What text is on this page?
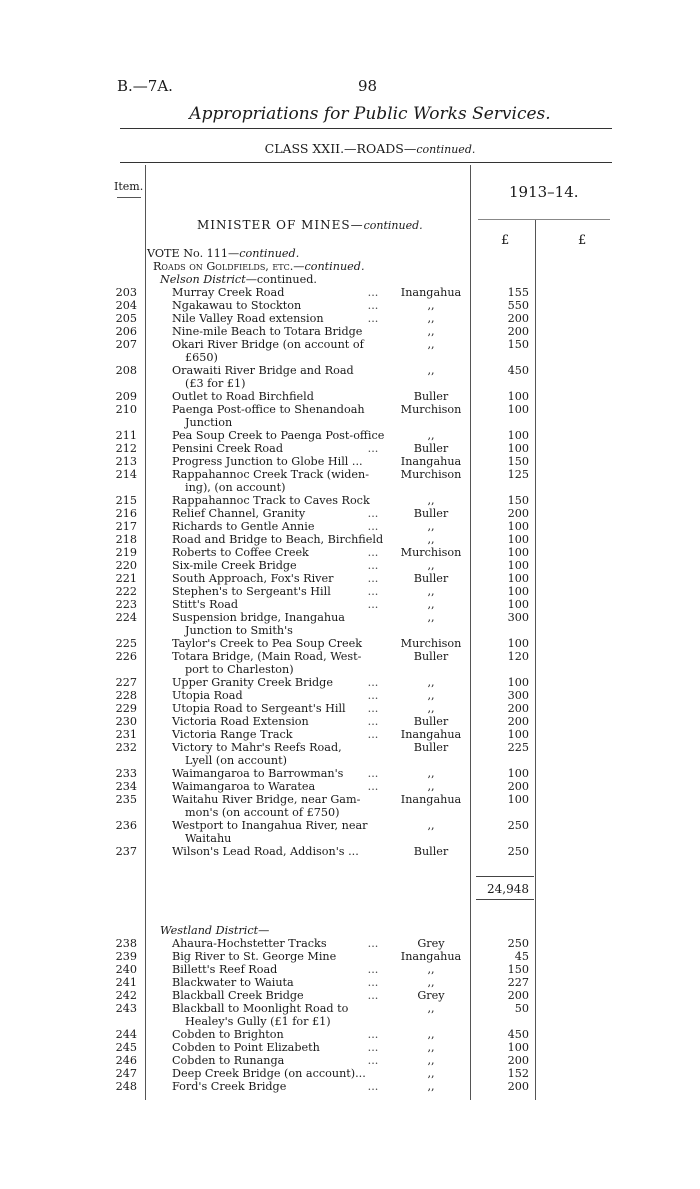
B.—7A.	98
Appropriations for Public Works Services.
CLASS XXII.—ROADS—continued.
Item.	1913–14.
£	£
MINISTER OF MINES—continued.
VOTE No. 111—continued.
Roads on Goldfields, etc.—continued.
Nelson District—continued.
203	Murray Creek Road	...	Inangahua	155
204	Ngakawau to Stockton	...	,,	550
205	Nile Valley Road extension	...	,,	200
206	Nine-mile Beach to Totara Bridge	,,	200
207	Okari River Bridge (on account of	,,	150
£650)
208	Orawaiti River Bridge and Road	,,	450
(£3 for £1)
209	Outlet to Road Birchfield	Buller	100
210	Paenga Post-office to Shenandoah	Murchison	100
Junction
211	Pea Soup Creek to Paenga Post-office	,,	100
212	Pensini Creek Road	...	Buller	100
213	Progress Junction to Globe Hill ...	Inangahua	150
214	Rappahannoc Creek Track (widen-	Murchison	125
ing), (on account)
215	Rappahannoc Track to Caves Rock	,,	150
216	Relief Channel, Granity	...	Buller	200
217	Richards to Gentle Annie	...	,,	100
218	Road and Bridge to Beach, Birchfield	,,	100
219	Roberts to Coffee Creek	...	Murchison	100
220	Six-mile Creek Bridge	...	,,	100
221	South Approach, Fox's River	...	Buller	100
222	Stephen's to Sergeant's Hill	...	,,	100
223	Stitt's Road	...	,,	100
224	Suspension bridge, Inangahua	,,	300
Junction to Smith's
225	Taylor's Creek to Pea Soup Creek	Murchison	100
226	Totara Bridge, (Main Road, West-	Buller	120
port to Charleston)
227	Upper Granity Creek Bridge	...	,,	100
228	Utopia Road	...	,,	300
229	Utopia Road to Sergeant's Hill	...	,,	200
230	Victoria Road Extension	...	Buller	200
231	Victoria Range Track	...	Inangahua	100
232	Victory to Mahr's Reefs Road,	Buller	225
Lyell (on account)
233	Waimangaroa to Barrowman's	...	,,	100
234	Waimangaroa to Waratea	...	,,	200
235	Waitahu River Bridge, near Gam-	Inangahua	100
mon's (on account of £750)
236	Westport to Inangahua River, near	,,	250
Waitahu
237	Wilson's Lead Road, Addison's ...	Buller	250
24,948
Westland District—
238	Ahaura-Hochstetter Tracks	...	Grey	250
239	Big River to St. George Mine	Inangahua	45
240	Billett's Reef Road	...	,,	150
241	Blackwater to Waiuta	...	,,	227
242	Blackball Creek Bridge	...	Grey	200
243	Blackball to Moonlight Road to	,,	50
Healey's Gully (£1 for £1)
244	Cobden to Brighton	...	,,	450
245	Cobden to Point Elizabeth	...	,,	100
246	Cobden to Runanga	...	,,	200
247	Deep Creek Bridge (on account)...	,,	152
248	Ford's Creek Bridge	...	,,	200
